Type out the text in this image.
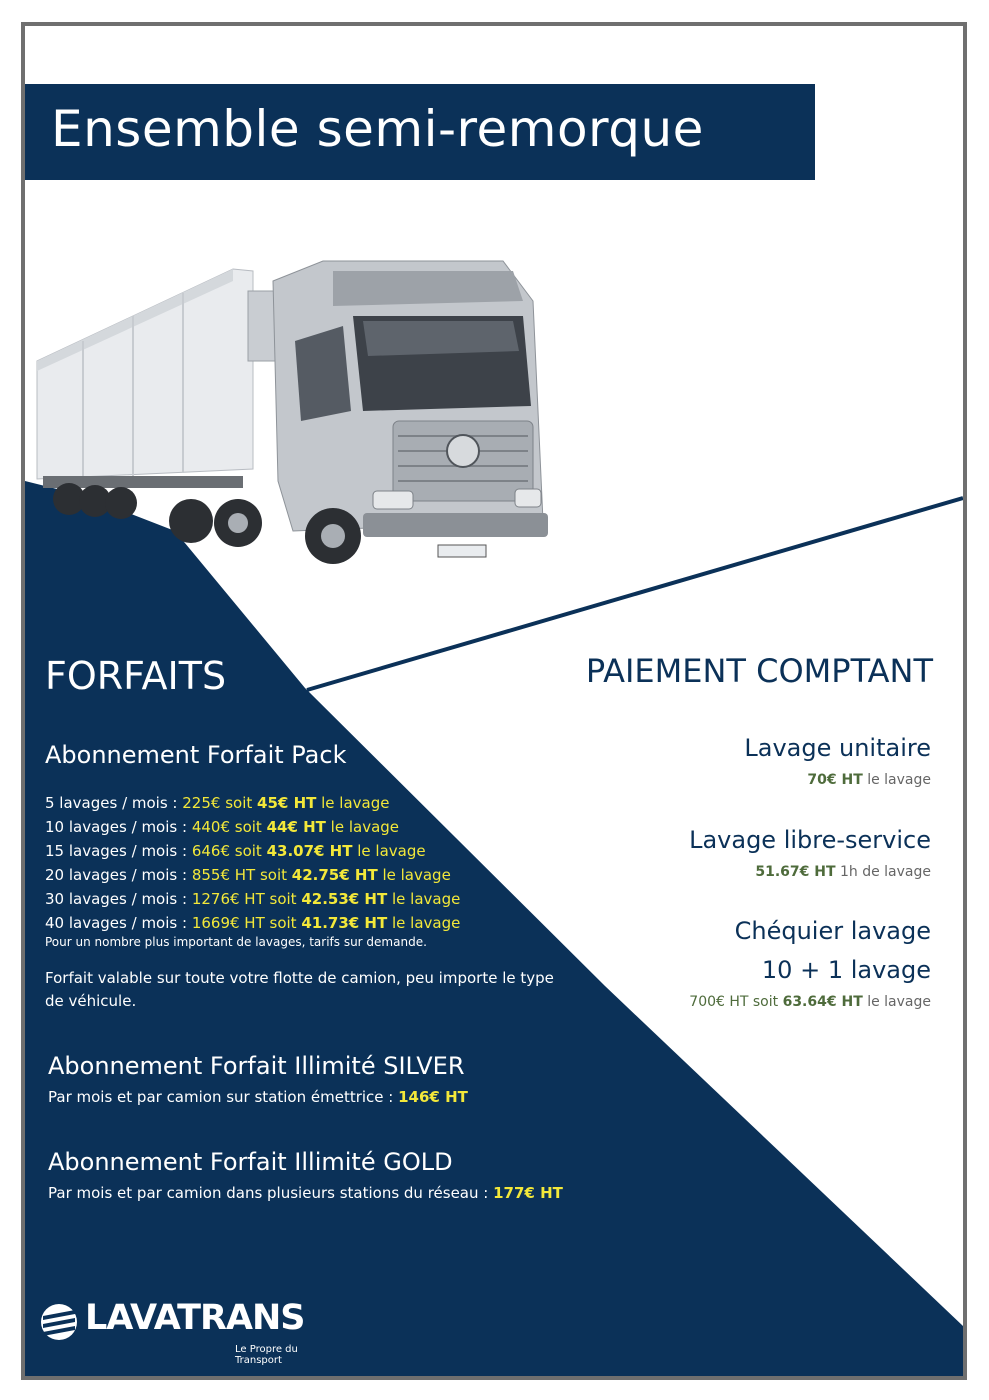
Ensemble semi-remorque
FORFAITS
Abonnement Forfait Pack
5 lavages / mois : 225€ soit 45€ HT le lavage
10 lavages / mois : 440€ soit 44€ HT le lavage
15 lavages / mois : 646€ soit 43.07€ HT le lavage
20 lavages / mois : 855€ HT soit 42.75€ HT le lavage
30 lavages / mois : 1276€ HT soit 42.53€ HT le lavage
40 lavages / mois : 1669€ HT soit 41.73€ HT le lavage
Pour un nombre plus important de lavages, tarifs sur demande.
Forfait valable sur toute votre flotte de camion, peu importe le type de véhicule.
Abonnement Forfait Illimité SILVER
Par mois et par camion sur station émettrice : 146€ HT
Abonnement Forfait Illimité GOLD
Par mois et par camion dans plusieurs stations du réseau : 177€ HT
PAIEMENT COMPTANT
Lavage unitaire
70€ HT le lavage
Lavage libre-service
51.67€ HT 1h de lavage
Chéquier lavage
10 + 1 lavage
700€ HT soit 63.64€ HT le lavage
LAVATRANS
Le Propre du Transport
